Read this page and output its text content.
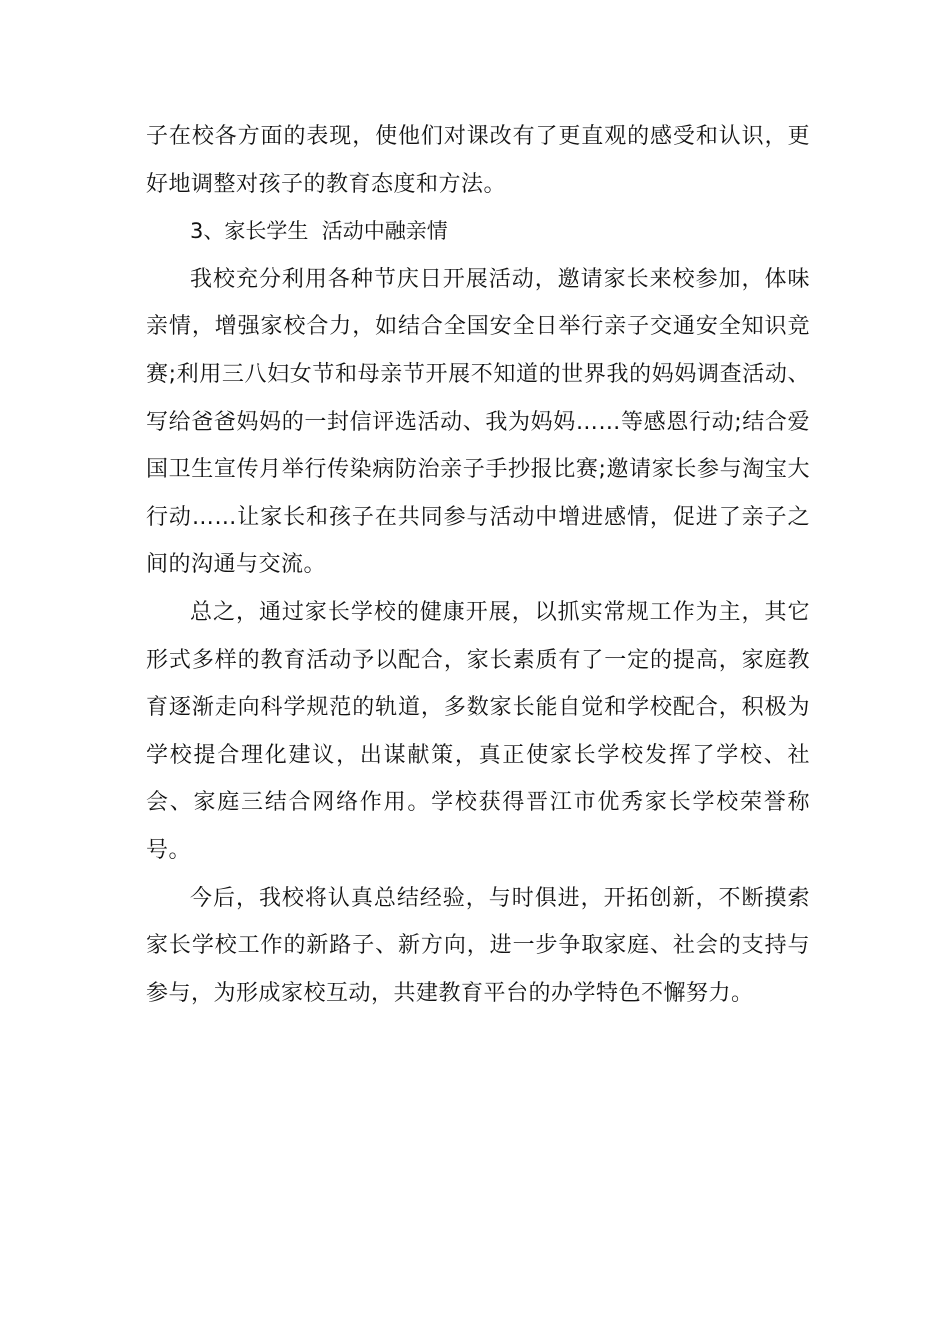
子在校各方面的表现，使他们对课改有了更直观的感受和认识，更好地调整对孩子的教育态度和方法。

3、家长学生  活动中融亲情

我校充分利用各种节庆日开展活动，邀请家长来校参加，体味亲情，增强家校合力，如结合全国安全日举行亲子交通安全知识竞赛;利用三八妇女节和母亲节开展不知道的世界我的妈妈调查活动、写给爸爸妈妈的一封信评选活动、我为妈妈……等感恩行动;结合爱国卫生宣传月举行传染病防治亲子手抄报比赛;邀请家长参与淘宝大行动……让家长和孩子在共同参与活动中增进感情，促进了亲子之间的沟通与交流。

总之，通过家长学校的健康开展，以抓实常规工作为主，其它形式多样的教育活动予以配合，家长素质有了一定的提高，家庭教育逐渐走向科学规范的轨道，多数家长能自觉和学校配合，积极为学校提合理化建议，出谋献策，真正使家长学校发挥了学校、社会、家庭三结合网络作用。学校获得晋江市优秀家长学校荣誉称号。

今后，我校将认真总结经验，与时俱进，开拓创新，不断摸索家长学校工作的新路子、新方向，进一步争取家庭、社会的支持与参与，为形成家校互动，共建教育平台的办学特色不懈努力。
